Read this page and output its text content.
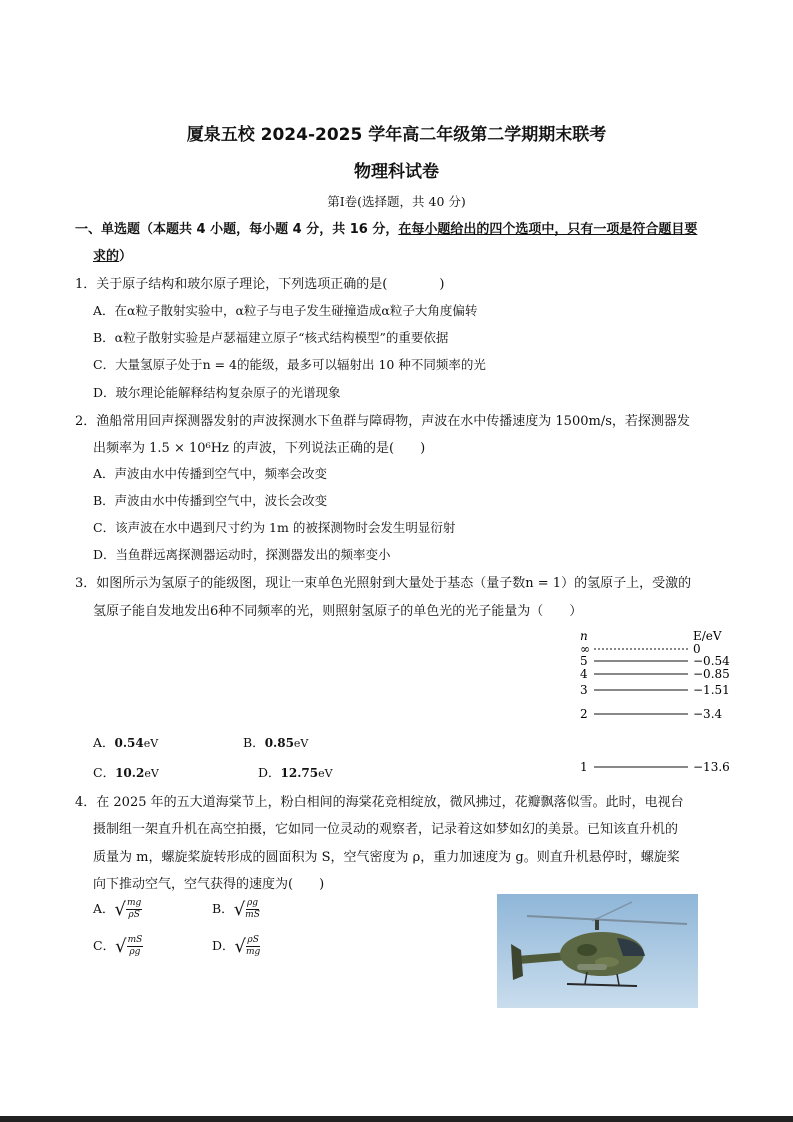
厦泉五校 2024-2025 学年高二年级第二学期期末联考
物理科试卷
第Ⅰ卷(选择题，共 40 分)
一、单选题（本题共 4 小题，每小题 4 分，共 16 分，在每小题给出的四个选项中，只有一项是符合题目要
求的）
1．关于原子结构和玻尔原子理论，下列选项正确的是(　　　　)
A．在α粒子散射实验中，α粒子与电子发生碰撞造成α粒子大角度偏转
B．α粒子散射实验是卢瑟福建立原子“核式结构模型”的重要依据
C．大量氢原子处于n = 4的能级，最多可以辐射出 10 种不同频率的光
D．玻尔理论能解释结构复杂原子的光谱现象
2．渔船常用回声探测器发射的声波探测水下鱼群与障碍物，声波在水中传播速度为 1500m/s，若探测器发
出频率为 1.5 × 10⁶Hz 的声波，下列说法正确的是(　　)
A．声波由水中传播到空气中，频率会改变
B．声波由水中传播到空气中，波长会改变
C．该声波在水中遇到尺寸约为 1m 的被探测物时会发生明显衍射
D．当鱼群远离探测器运动时，探测器发出的频率变小
3．如图所示为氢原子的能级图，现让一束单色光照射到大量处于基态（量子数n = 1）的氢原子上，受激的
氢原子能自发地发出6种不同频率的光，则照射氢原子的单色光的光子能量为（　　）
n	E/eV
∞	0
5	−0.54
4	−0.85
3	−1.51
2	−3.4
1	−13.6
A．0.54eV	B．0.85eV
C．10.2eV	D．12.75eV
4．在 2025 年的五大道海棠节上，粉白相间的海棠花竞相绽放，微风拂过，花瓣飘落似雪。此时，电视台
摄制组一架直升机在高空拍摄，它如同一位灵动的观察者，记录着这如梦如幻的美景。已知该直升机的
质量为 m，螺旋桨旋转形成的圆面积为 S，空气密度为 ρ，重力加速度为 g。则直升机悬停时，螺旋桨
向下推动空气，空气获得的速度为(　　)
A．√ $\frac{mg}{\rho S}$	B．√ $\frac{\rho g}{mS}$
C．√ $\frac{mS}{\rho g}$	D．√ $\frac{\rho S}{mg}$
